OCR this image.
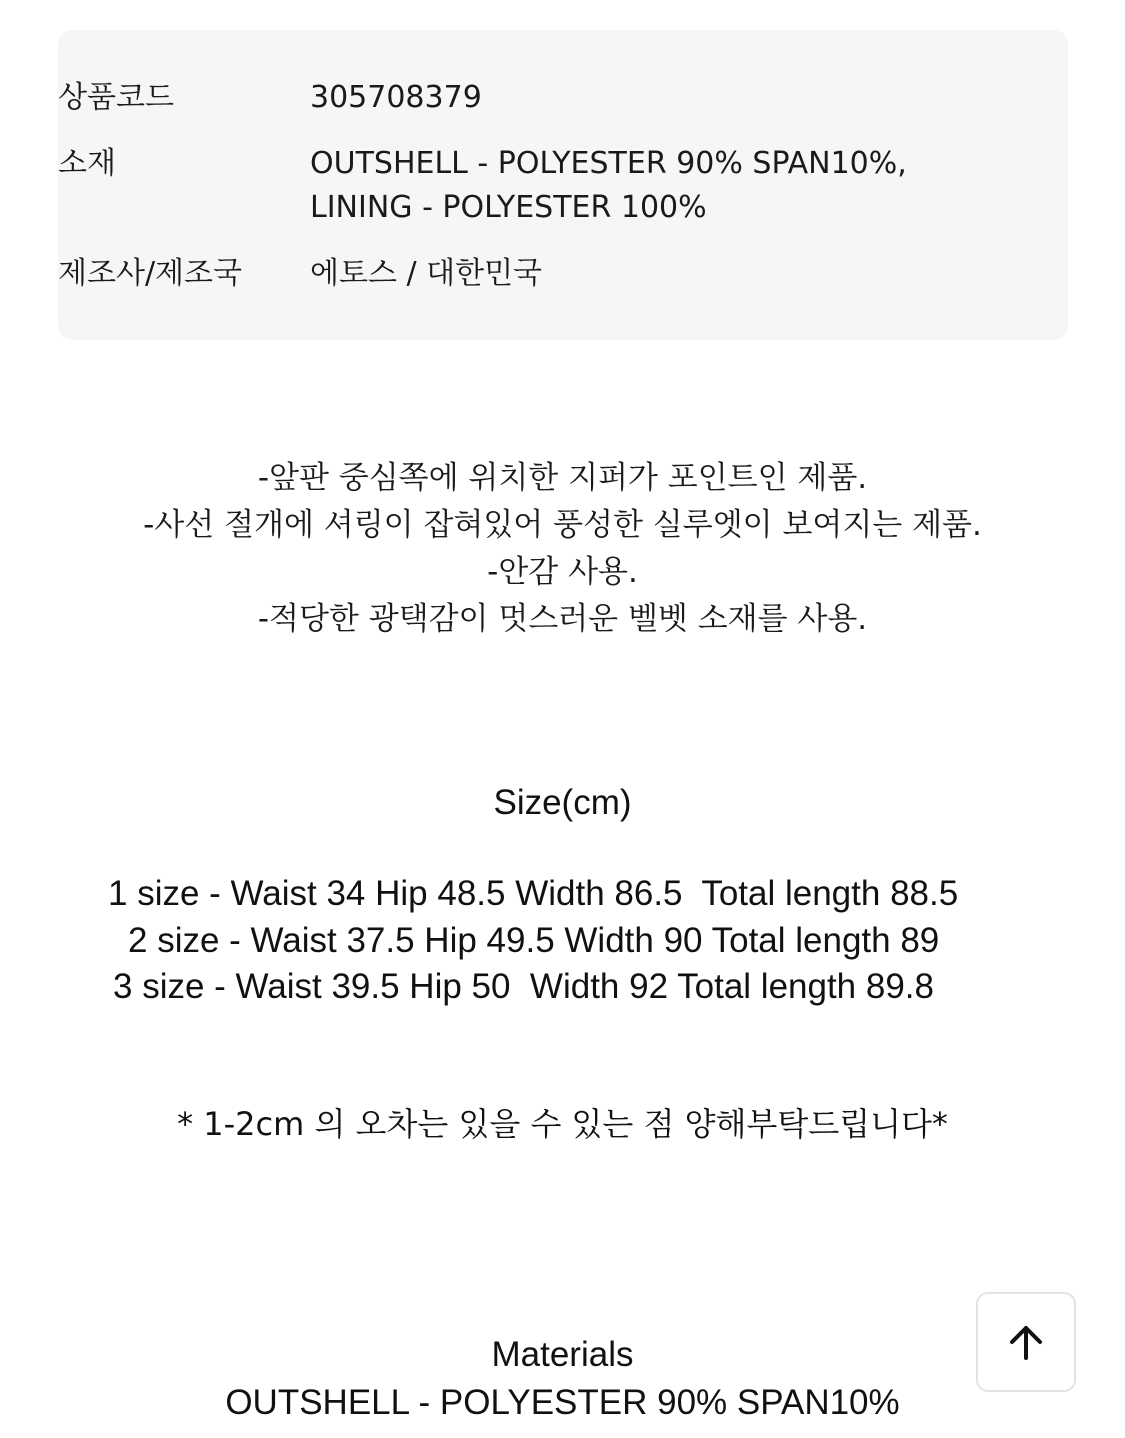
상품코드	305708379
소재	OUTSHELL - POLYESTER 90% SPAN10%,
LINING - POLYESTER 100%
제조사/제조국	에토스 / 대한민국
-앞판 중심쪽에 위치한 지퍼가 포인트인 제품.
-사선 절개에 셔링이 잡혀있어 풍성한 실루엣이 보여지는 제품.
-안감 사용.
-적당한 광택감이 멋스러운 벨벳 소재를 사용.
Size(cm)
1 size - Waist 34 Hip 48.5 Width 86.5  Total length 88.5
2 size - Waist 37.5 Hip 49.5 Width 90 Total length 89
3 size - Waist 39.5 Hip 50  Width 92 Total length 89.8
* 1-2cm 의 오차는 있을 수 있는 점 양해부탁드립니다*
Materials
OUTSHELL - POLYESTER 90% SPAN10%
